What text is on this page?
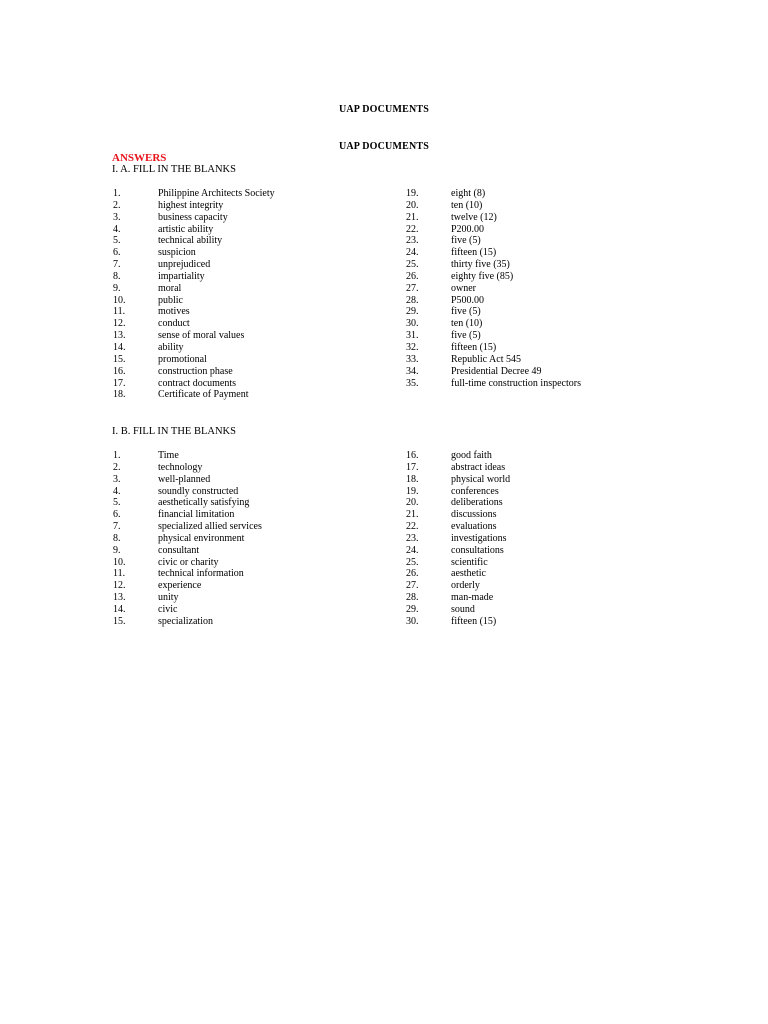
UAP DOCUMENTS
UAP DOCUMENTS
ANSWERS
I. A. FILL IN THE BLANKS
1.	Philippine Architects Society
2.	highest integrity
3.	business capacity
4.	artistic ability
5.	technical ability
6.	suspicion
7.	unprejudiced
8.	impartiality
9.	moral
10.	public
11.	motives
12.	conduct
13.	sense of moral values
14.	ability
15.	promotional
16.	construction phase
17.	contract documents
18.	Certificate of Payment
19.	eight (8)
20.	ten (10)
21.	twelve (12)
22.	P200.00
23.	five (5)
24.	fifteen (15)
25.	thirty five (35)
26.	eighty five (85)
27.	owner
28.	P500.00
29.	five (5)
30.	ten (10)
31.	five (5)
32.	fifteen (15)
33.	Republic Act 545
34.	Presidential Decree 49
35.	full-time construction inspectors
I. B. FILL IN THE BLANKS
1.	Time
2.	technology
3.	well-planned
4.	soundly constructed
5.	aesthetically satisfying
6.	financial limitation
7.	specialized allied services
8.	physical environment
9.	consultant
10.	civic or charity
11.	technical information
12.	experience
13.	unity
14.	civic
15.	specialization
16.	good faith
17.	abstract ideas
18.	physical world
19.	conferences
20.	deliberations
21.	discussions
22.	evaluations
23.	investigations
24.	consultations
25.	scientific
26.	aesthetic
27.	orderly
28.	man-made
29.	sound
30.	fifteen (15)
